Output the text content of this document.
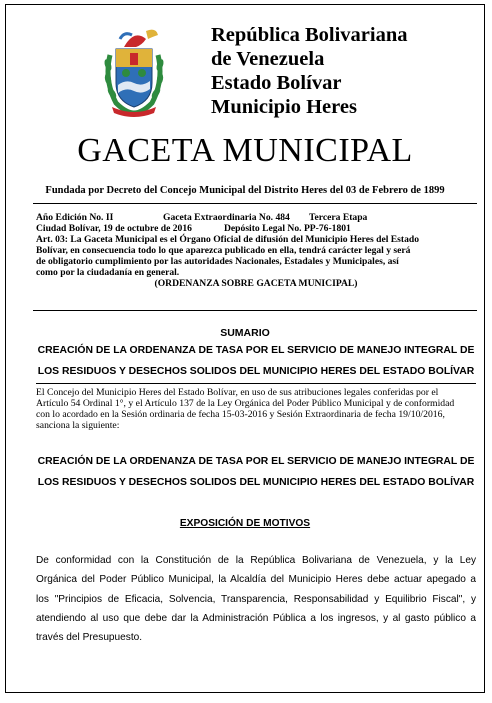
República Bolivariana
de Venezuela
Estado Bolívar
Municipio Heres
GACETA MUNICIPAL
Fundada por Decreto del Concejo Municipal del Distrito Heres del 03 de Febrero de 1899
Año Edición No. II	Gaceta Extraordinaria No. 484 Tercera Etapa
Ciudad Bolívar, 19 de octubre de 2016	Depósito Legal No. PP-76-1801
Art. 03: La Gaceta Municipal es el Órgano Oficial de difusión del Municipio Heres del Estado
Bolívar, en consecuencia todo lo que aparezca publicado en ella, tendrá carácter legal y será
de obligatorio cumplimiento por las autoridades Nacionales, Estadales y Municipales, así
como por la ciudadanía en general.
(ORDENANZA SOBRE GACETA MUNICIPAL)
SUMARIO
CREACIÓN DE LA ORDENANZA DE TASA POR EL SERVICIO DE MANEJO INTEGRAL DE
LOS RESIDUOS Y DESECHOS SOLIDOS DEL MUNICIPIO HERES DEL ESTADO BOLÍVAR
El Concejo del Municipio Heres del Estado Bolívar, en uso de sus atribuciones legales conferidas por el
Artículo 54 Ordinal 1°, y el Artículo 137 de la Ley Orgánica del Poder Público Municipal y de conformidad
con lo acordado en la Sesión ordinaria de fecha 15-03-2016 y Sesión Extraordinaria de fecha 19/10/2016,
sanciona la siguiente:
CREACIÓN DE LA ORDENANZA DE TASA POR EL SERVICIO DE MANEJO INTEGRAL DE
LOS RESIDUOS Y DESECHOS SOLIDOS DEL MUNICIPIO HERES DEL ESTADO BOLÍVAR
EXPOSICIÓN DE MOTIVOS
De conformidad con la Constitución de la República Bolivariana de Venezuela, y la Ley
Orgánica del Poder Público Municipal, la Alcaldía del Municipio Heres debe actuar apegado a
los "Principios de Eficacia, Solvencia, Transparencia, Responsabilidad y Equilibrio Fiscal", y
atendiendo al uso que debe dar la Administración Pública a los ingresos, y al gasto público a
través del Presupuesto.
